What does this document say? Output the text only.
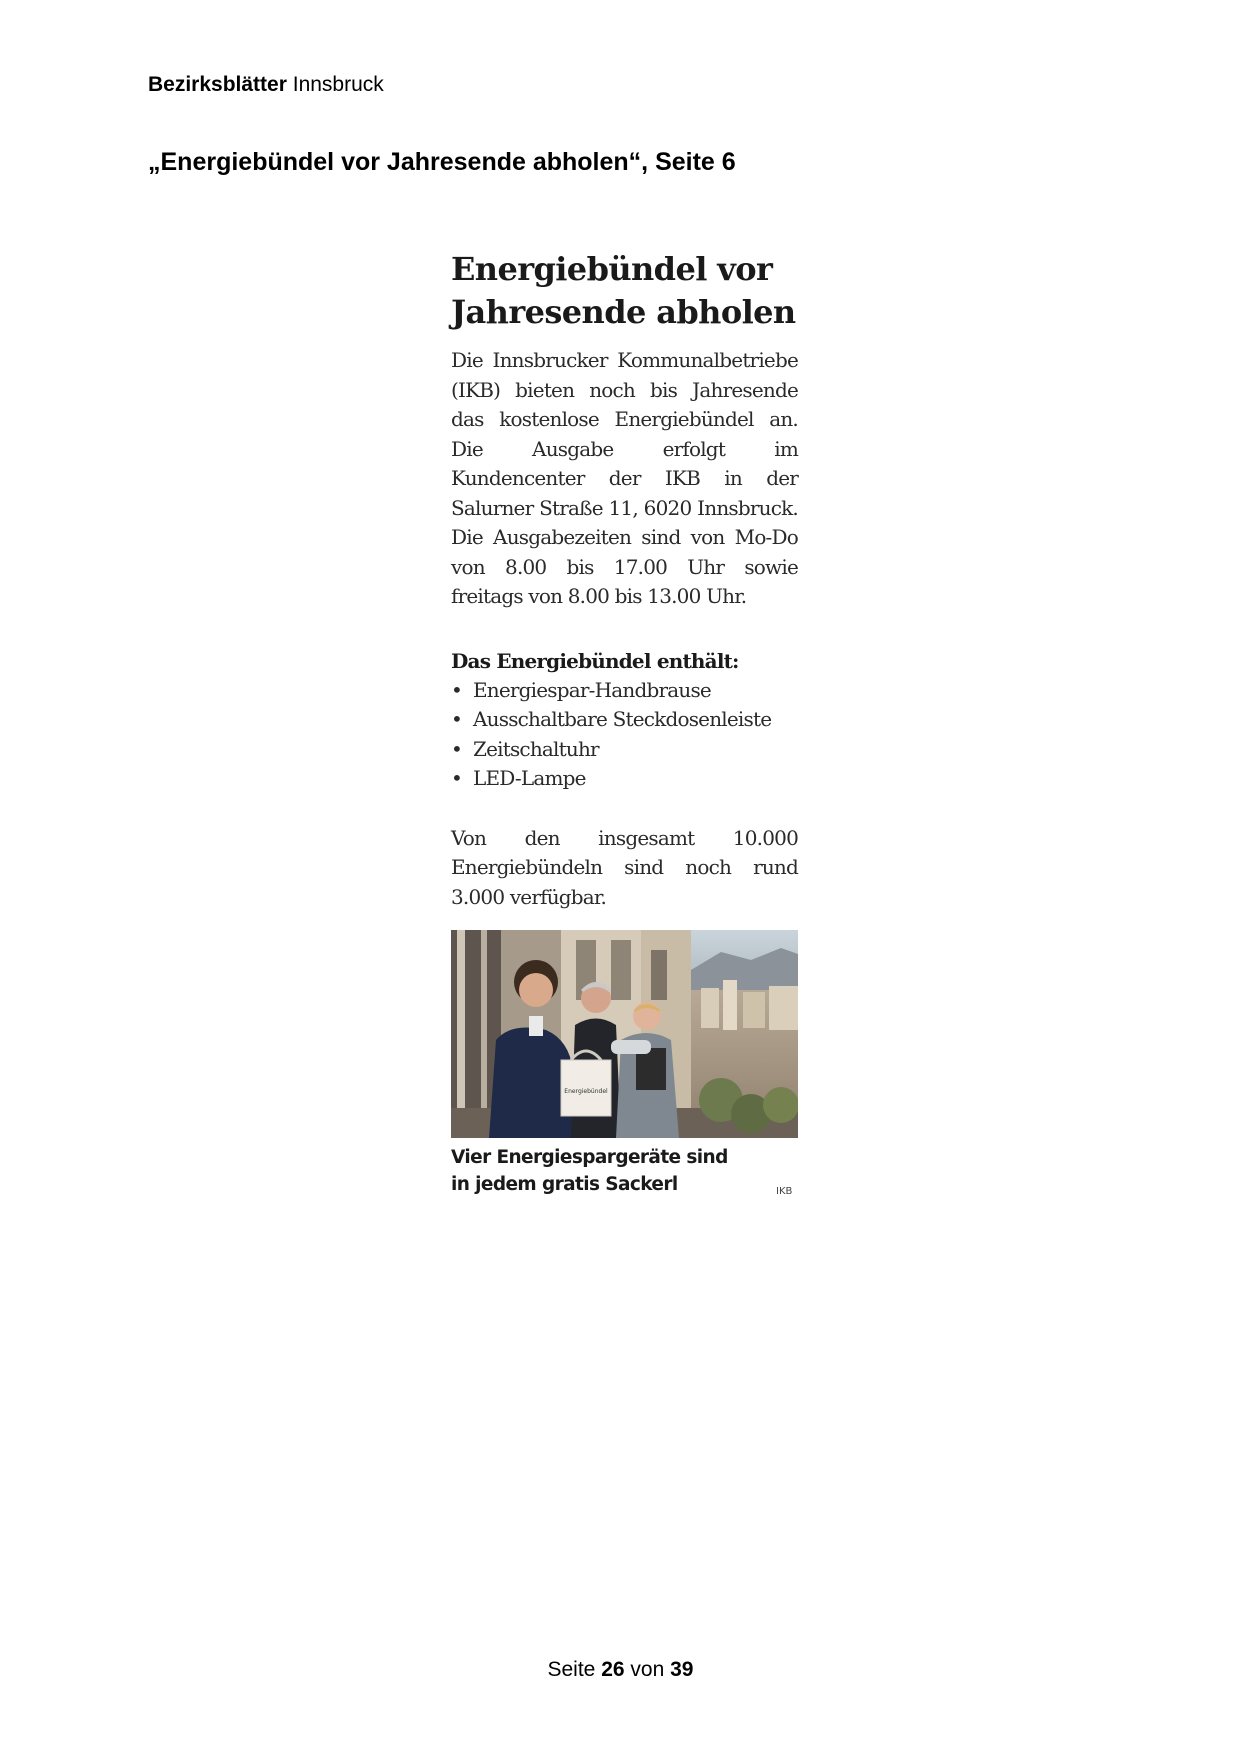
Bezirksblätter Innsbruck
„Energiebündel vor Jahresende abholen“, Seite 6
Energiebündel vor
Jahresende abholen

Die Innsbrucker Kommunalbetriebe (IKB) bieten noch bis Jahresende das kostenlose Energiebündel an. Die Ausgabe erfolgt im Kundencenter der IKB in der Salurner Straße 11, 6020 Innsbruck. Die Ausgabezeiten sind von Mo-Do von 8.00 bis 17.00 Uhr sowie freitags von 8.00 bis 13.00 Uhr.

Das Energiebündel enthält:
• Energiespar-Handbrause
• Ausschaltbare Steckdosenleiste
• Zeitschaltuhr
• LED-Lampe

Von den insgesamt 10.000 Energiebündeln sind noch rund 3.000 verfügbar.

Energiebündel
Vier Energiespargeräte sind in jedem gratis Sackerl	IKB
Seite 26 von 39
